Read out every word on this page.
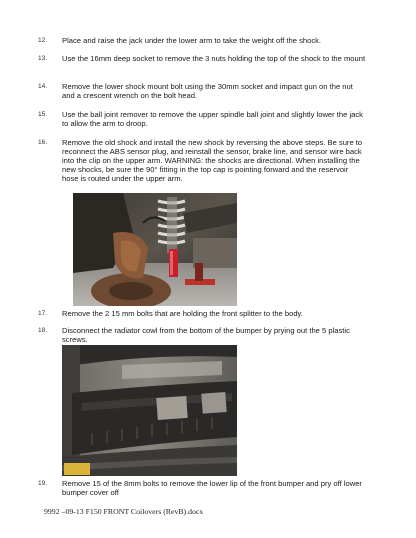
12.	Place and raise the jack under the lower arm to take the weight off the shock.
13.	Use the 16mm deep socket to remove the 3 nuts holding the top of the shock to the mount
14.	Remove the lower shock mount bolt using the 30mm socket and impact gun on the nut and a crescent wrench on the bolt head.
15.	Use the ball joint remover to remove the upper spindle ball joint and slightly lower the jack to allow the arm to droop.
16.	Remove the old shock and install the new shock by reversing the above steps. Be sure to reconnect the ABS sensor plug, and reinstall the sensor, brake line, and sensor wire back into the clip on the upper arm. WARNING: the shocks are directional. When installing the new shocks, be sure the 90° fitting in the top cap is pointing forward and the reservoir hose is routed under the upper arm.
17.	Remove the 2 15 mm bolts that are holding the front splitter to the body.
18.	Disconnect the radiator cowl from the bottom of the bumper by prying out the 5 plastic screws.
19.	Remove 15 of the 8mm bolts to remove the lower lip of the front bumper and pry off lower bumper cover off
9992 –09-13 F150 FRONT Coilovers (RevB).docx
